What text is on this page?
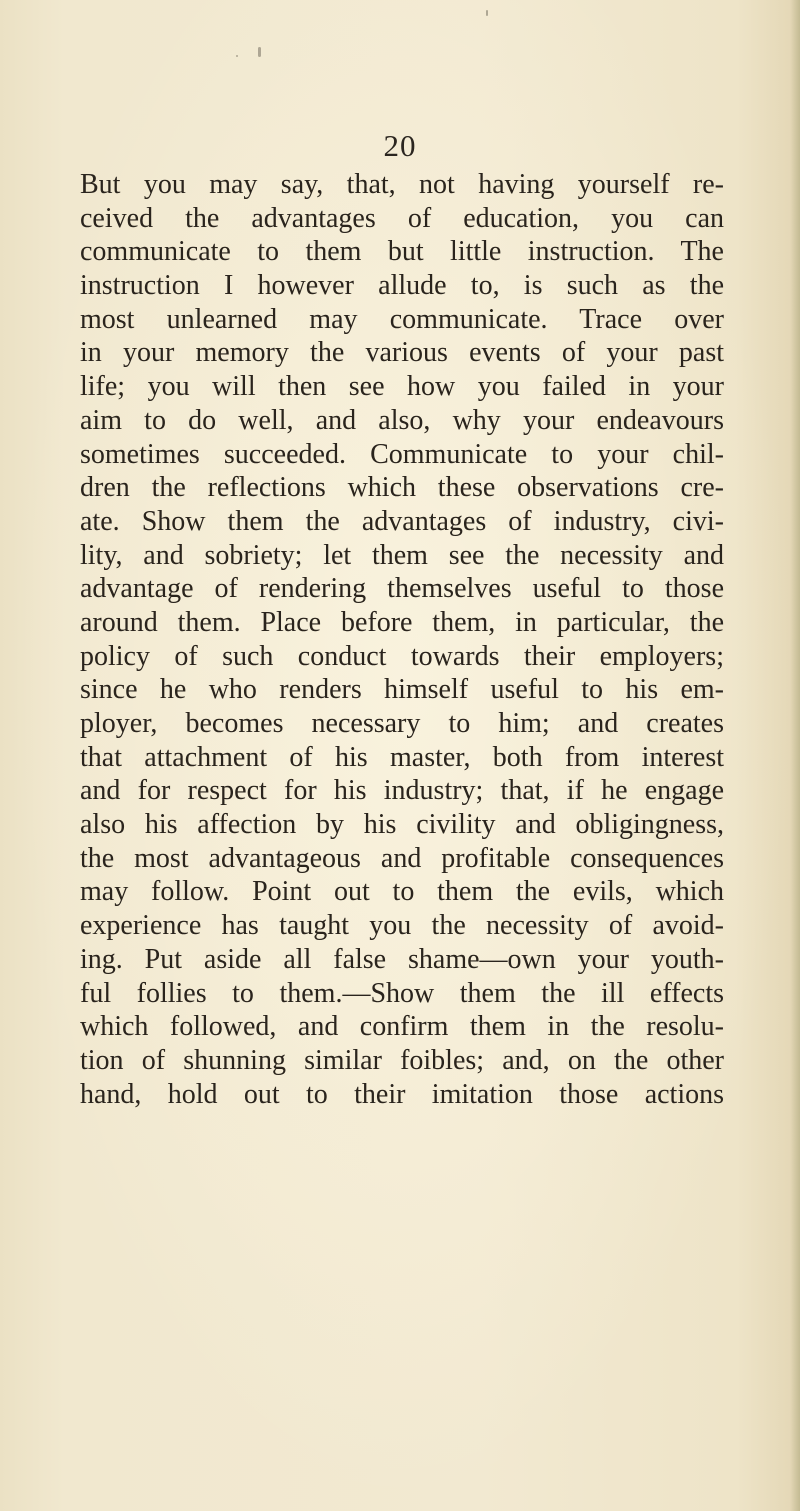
20
But you may say, that, not having yourself re-
ceived the advantages of education, you can
communicate to them but little instruction. The
instruction I however allude to, is such as the
most unlearned may communicate. Trace over
in your memory the various events of your past
life; you will then see how you failed in your
aim to do well, and also, why your endeavours
sometimes succeeded. Communicate to your chil-
dren the reflections which these observations cre-
ate. Show them the advantages of industry, civi-
lity, and sobriety; let them see the necessity and
advantage of rendering themselves useful to those
around them. Place before them, in particular, the
policy of such conduct towards their employers;
since he who renders himself useful to his em-
ployer, becomes necessary to him; and creates
that attachment of his master, both from interest
and for respect for his industry; that, if he engage
also his affection by his civility and obligingness,
the most advantageous and profitable consequences
may follow. Point out to them the evils, which
experience has taught you the necessity of avoid-
ing. Put aside all false shame—own your youth-
ful follies to them.—Show them the ill effects
which followed, and confirm them in the resolu-
tion of shunning similar foibles; and, on the other
hand, hold out to their imitation those actions
